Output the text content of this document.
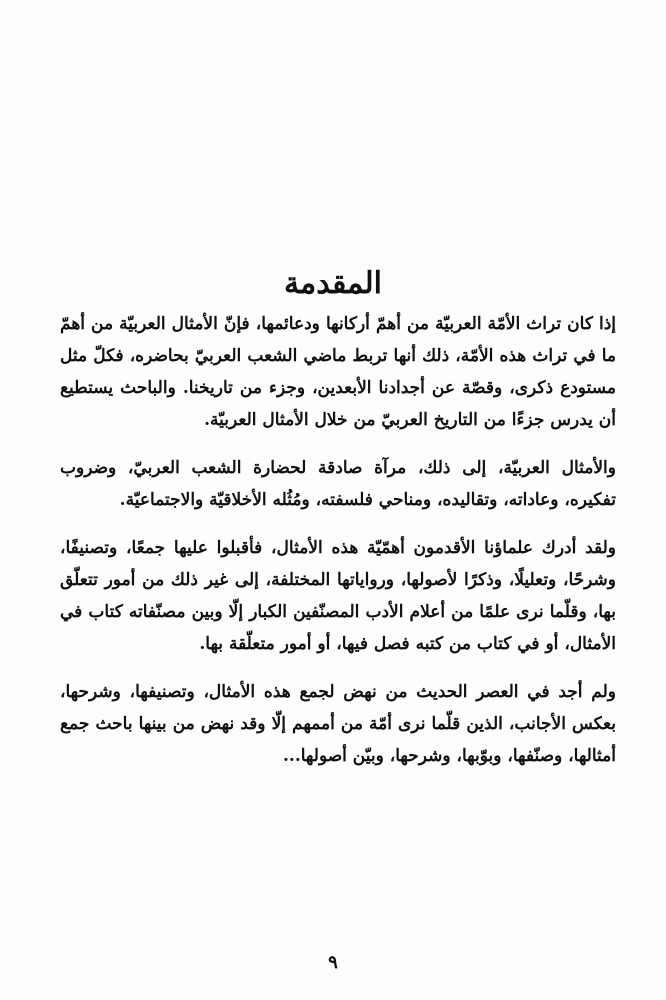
المقدمة

إذا كان تراث الأمّة العربيّة من أهمّ أركانها ودعائمها، فإنّ الأمثال العربيّة من أهمّ ما في تراث هذه الأمّة، ذلك أنها تربط ماضي الشعب العربيّ بحاضره، فكلّ مثل مستودع ذكرى، وقصّة عن أجدادنا الأبعدين، وجزء من تاريخنا. والباحث يستطيع أن يدرس جزءًا من التاريخ العربيّ من خلال الأمثال العربيّة.

والأمثال العربيّة، إلى ذلك، مرآة صادقة لحضارة الشعب العربيّ، وضروب تفكيره، وعاداته، وتقاليده، ومناحي فلسفته، ومُثُله الأخلاقيّة والاجتماعيّة.

ولقد أدرك علماؤنا الأقدمون أهمّيّة هذه الأمثال، فأقبلوا عليها جمعًا، وتصنيفًا، وشرحًا، وتعليلًا، وذكرًا لأصولها، ورواياتها المختلفة، إلى غير ذلك من أمور تتعلّق بها، وقلّما نرى علمًا من أعلام الأدب المصنّفين الكبار إلّا وبين مصنّفاته كتاب في الأمثال، أو في كتاب من كتبه فصل فيها، أو أمور متعلّقة بها.

ولم أجد في العصر الحديث من نهض لجمع هذه الأمثال، وتصنيفها، وشرحها، بعكس الأجانب، الذين قلّما نرى أمّة من أممهم إلّا وقد نهض من بينها باحث جمع أمثالها، وصنّفها، وبوّبها، وشرحها، وبيّن أصولها...

٩
